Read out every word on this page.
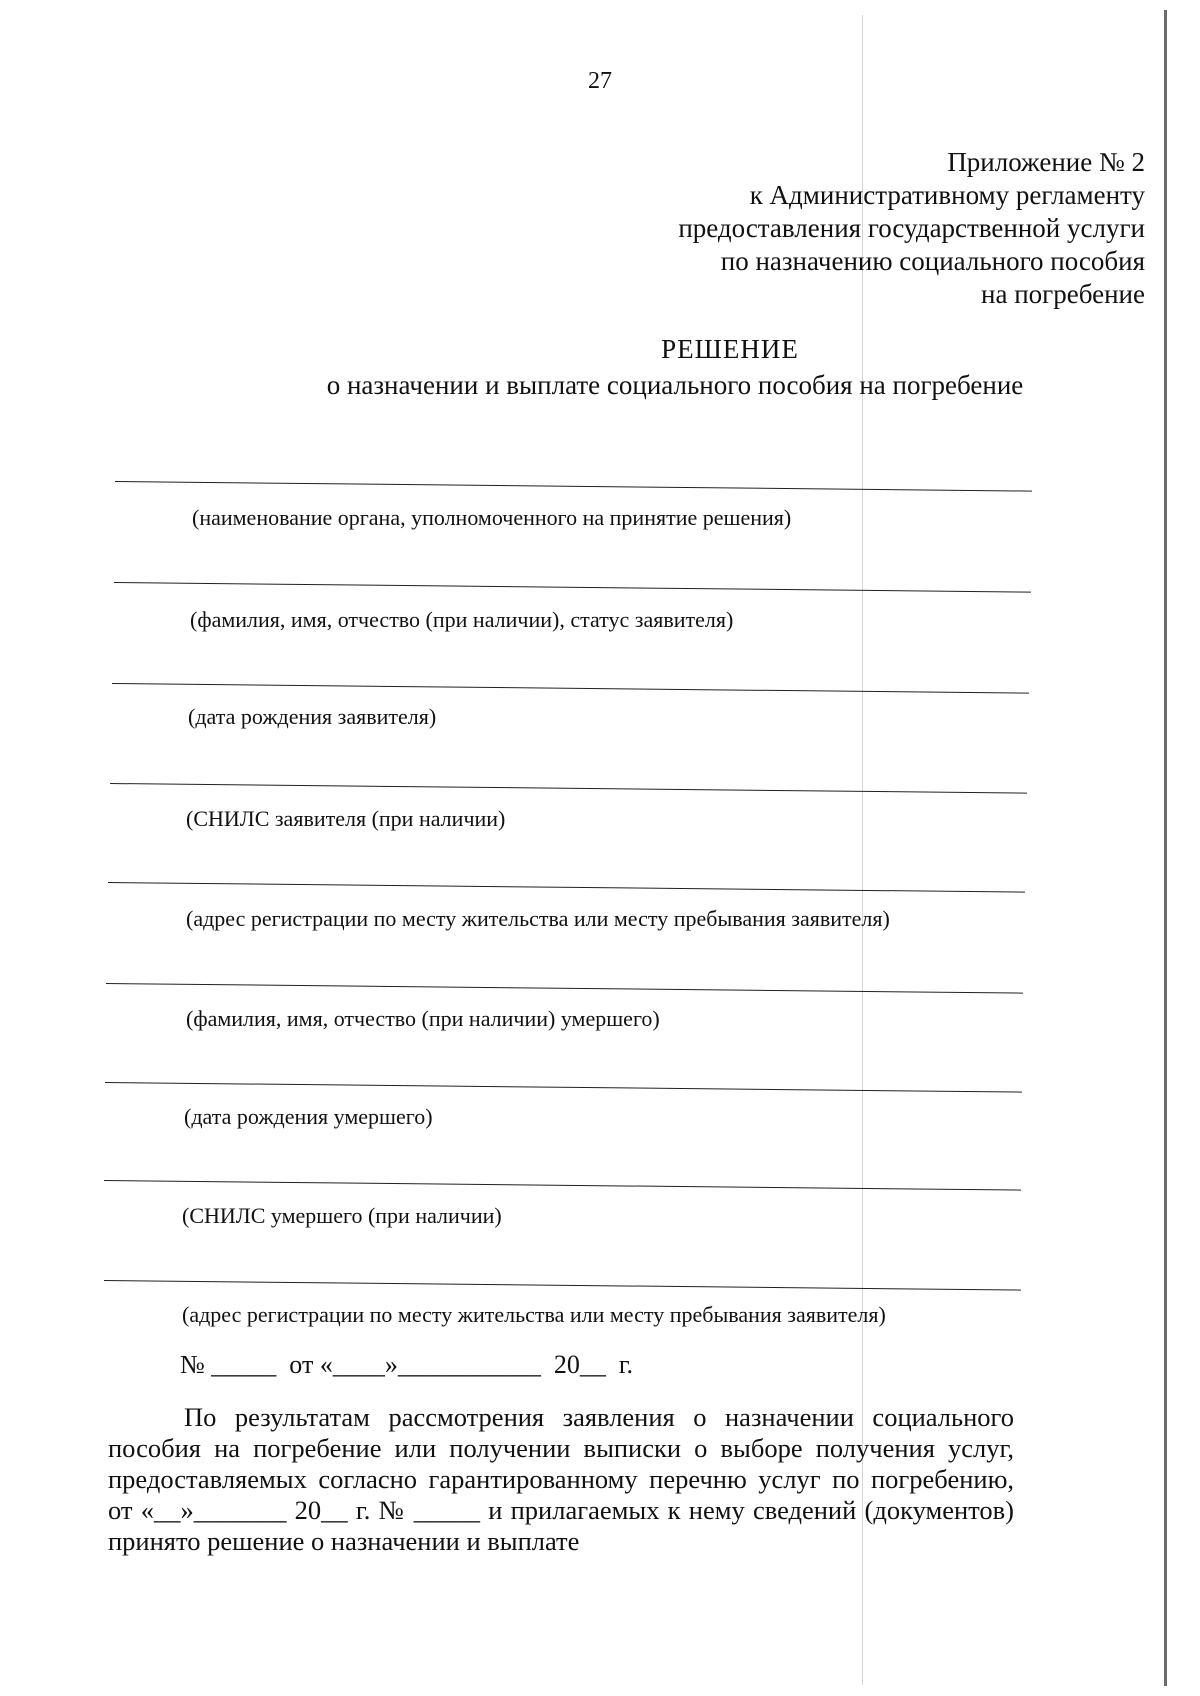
27
Приложение № 2
к Административному регламенту
предоставления государственной услуги
по назначению социального пособия
на погребение
РЕШЕНИЕ
о назначении и выплате социального пособия на погребение
(наименование органа, уполномоченного на принятие решения)
(фамилия, имя, отчество (при наличии), статус заявителя)
(дата рождения заявителя)
(СНИЛС заявителя (при наличии)
(адрес регистрации по месту жительства или месту пребывания заявителя)
(фамилия, имя, отчество (при наличии) умершего)
(дата рождения умершего)
(СНИЛС умершего (при наличии)
(адрес регистрации по месту жительства или месту пребывания заявителя)
№ _____  от «____»___________  20__  г.
По результатам рассмотрения заявления о назначении социального пособия на погребение или получении выписки о выборе получения услуг, предоставляемых согласно гарантированному перечню услуг по погребению, от «__»_______ 20__ г. № _____ и прилагаемых к нему сведений (документов) принято решение о назначении и выплате
